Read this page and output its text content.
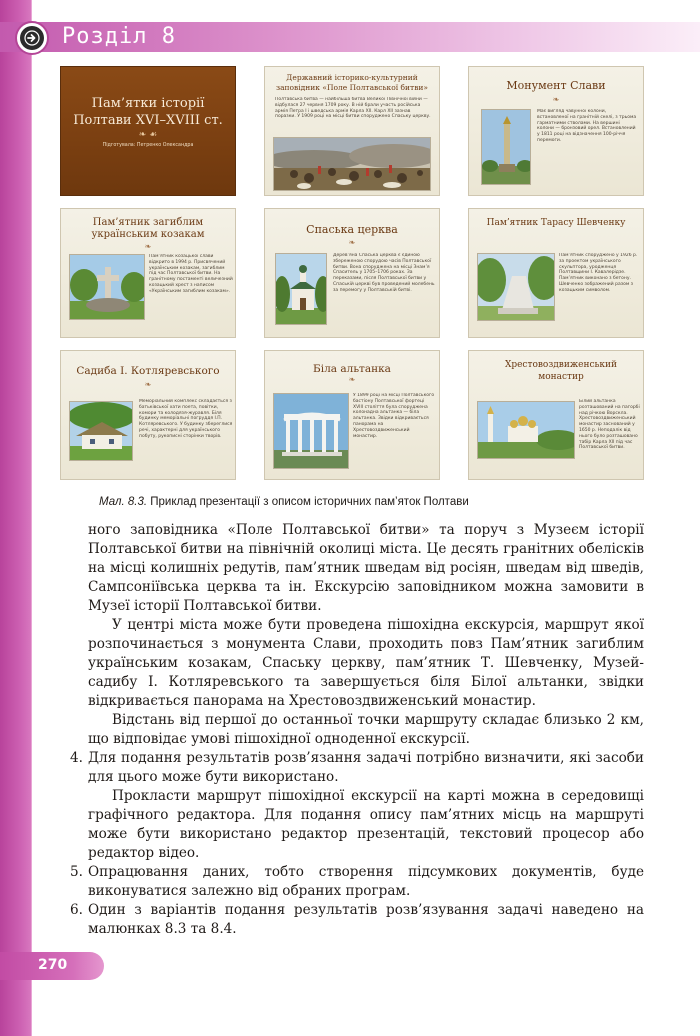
Розділ 8
Пам’ятки історії Полтави XVI–XVIII ст.
❧ ☙
Підготувала: Петренко Олександра
Державний історико-культурний заповідник «Поле Полтавської битви»
Полтавська битва — найбільша битва Великої Північної війни — відбулася 27 червня 1709 року. В ній брали участь російська армія Петра I і шведська армія Карла XII. Карл XII зазнав поразки. У 1909 році на місці битви споруджено Спаську церкву.
Монумент Слави
❧
Має вигляд чавунної колони, встановленої на гранітній скелі, з трьома гарматними стволами. На вершині колони — бронзовий орел. Встановлений у 1811 році на відзначення 100-річчя перемоги.
Пам’ятник загиблим українським козакам
❧
Пам’ятник козацької слави відкрито в 1994 р. Присвячений українським козакам, загиблим під час Полтавської битви. На гранітному постаменті величезний козацький хрест з написом «Українським загиблим козакам».
Спаська церква
❧
Дерев’яна Спаська церква є єдиною збереженою спорудою часів Полтавської битви. Вона споруджена на місці Знам’я Спаситель у 1705–1706 роках. За переказами, після Полтавської битви у Спаській церкві був проведений молебень за перемогу у Полтавській битві.
Пам’ятник Тарасу Шевченку
Пам’ятник споруджено у 1926 р. за проектом українського скульптора, уродженця Полтавщини І. Кавалерідзе. Пам’ятник виконано з бетону. Шевченко зображений разом з козацьким символом.
Садиба І. Котляревського
❧
Меморіальний комплекс складається з батьківської хати поета, повітки, комори та колодязя-журавля. Біля будинку меморіальні погруддя І.П. Котляревського. У будинку збереглися речі, характерні для українського побуту, рукописні сторінки творів.
Біла альтанка
❧
У 1899 році на місці Полтавського бастіону Полтавської фортеці XVIII століття була споруджена колонадна альтанка — біла альтанка. Звідки відкривається панорама на Хрестовоздвиженський монастир.
Хрестовоздвиженський монастир
Білий альтанка розташований на пагорбі над річкою Ворскла. Хрестовоздвиженський монастир заснований у 1650 р. Неподалік від нього було розташовано табір Карла XII під час Полтавської битви.
Мал. 8.3. Приклад презентації з описом історичних пам’яток Полтави

ного заповідника «Поле Полтавської битви» та поруч з Музеєм історії Полтавської битви на північній околиці міста. Це десять гранітних обелісків на місці колишніх редутів, пам’ятник шведам від росіян, шведам від шведів, Сампсоніївська церква та ін. Екскурсію заповідником можна замовити в Музеї історії Полтавської битви.

У центрі міста може бути проведена пішохідна екскурсія, маршрут якої розпочинається з монумента Слави, проходить повз Пам’ятник загиблим українським козакам, Спаську церкву, пам’ятник Т. Шевченку, Музей-садибу І. Котляревського та завершується біля Білої альтанки, звідки відкривається панорама на Хрестовоздвиженський монастир.

Відстань від першої до останньої точки маршруту складає близько 2 км, що відповідає умові пішохідної одноденної екскурсії.

4. Для подання результатів розв’язання задачі потрібно визначити, які засоби для цього може бути використано.

Прокласти маршрут пішохідної екскурсії на карті можна в середовищі графічного редактора. Для подання опису пам’ятних місць на маршруті може бути використано редактор презентацій, текстовий процесор або редактор відео.

5. Опрацювання даних, тобто створення підсумкових документів, буде виконуватися залежно від обраних програм.
6. Один з варіантів подання результатів розв’язування задачі наведено на малюнках 8.3 та 8.4.
270
